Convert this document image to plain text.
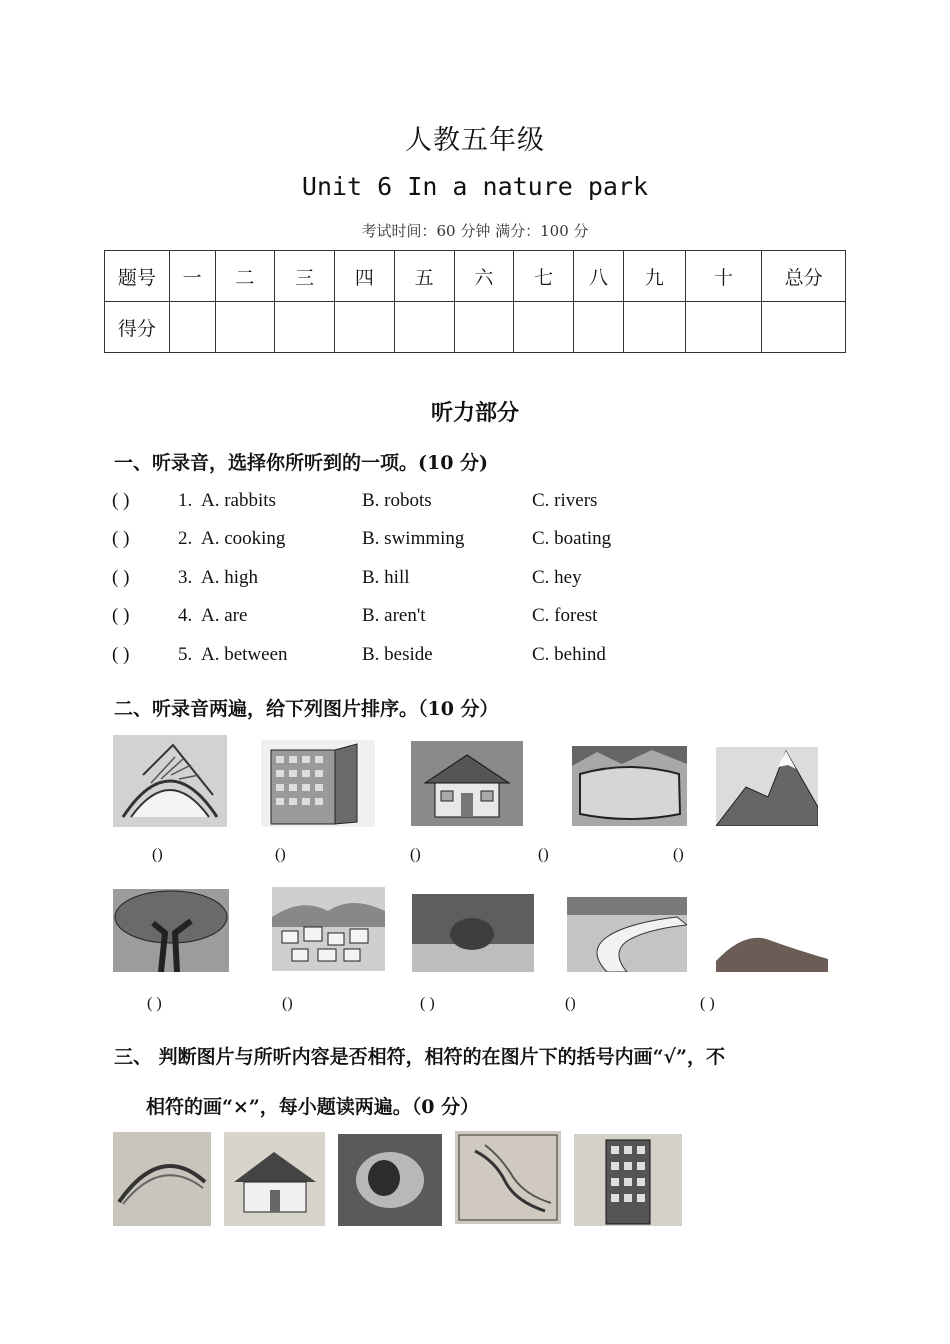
人教五年级
Unit 6 In a nature park
考试时间：60 分钟 满分：100 分
题号	一	二	三	四	五	六	七	八	九	十	总分
得分											
听力部分
一、听录音，选择你所听到的一项。(10 分)
( )	1. A. rabbits	B. robots	C. rivers
( )	2. A. cooking	B. swimming	C. boating
( )	3. A. high	B. hill	C. hey
( )	4. A. are	B. aren't	C. forest
( )	5. A. between	B. beside	C. behind
二、听录音两遍，给下列图片排序。（10 分）
()	()	()	()	()
( )	()	( )	()	( )
三、 判断图片与所听内容是否相符，相符的在图片下的括号内画“√”，不
相符的画“×”，每小题读两遍。（0 分）
